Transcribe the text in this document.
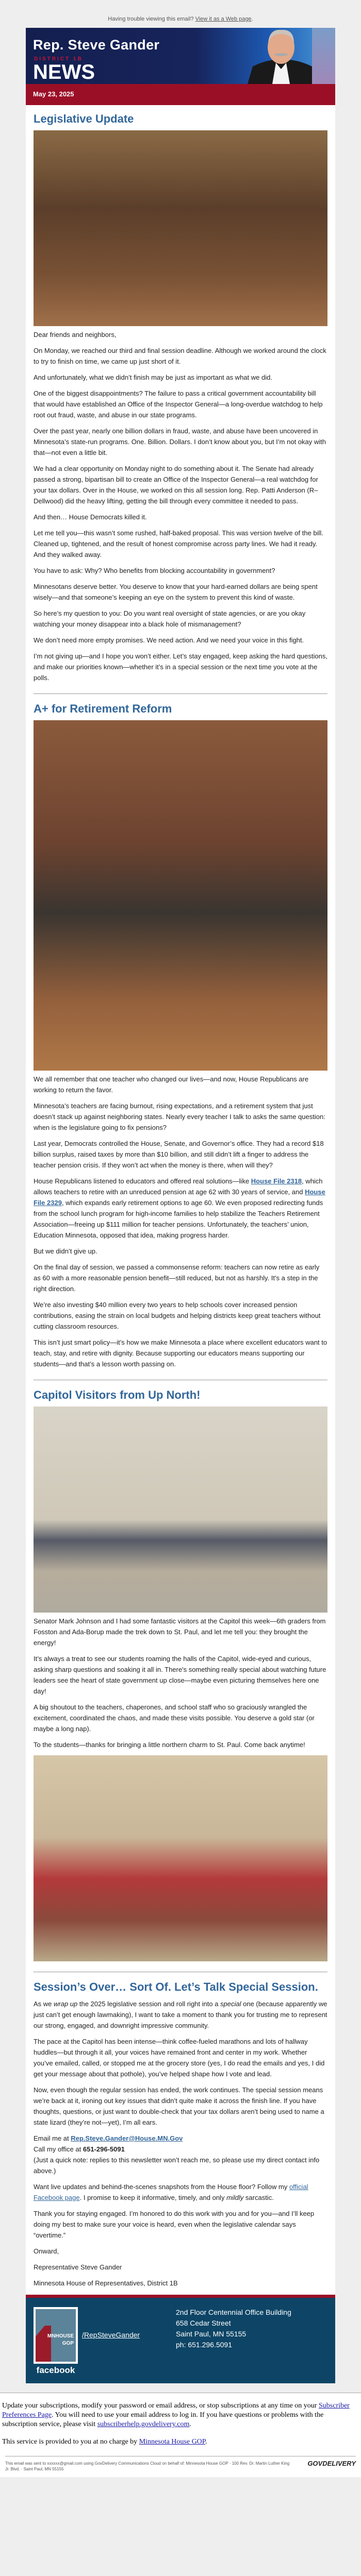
Having trouble viewing this email? View it as a Web page.
Rep. Steve Gander
DISTRICT 1B
NEWS
May 23, 2025
Legislative Update

Dear friends and neighbors,

On Monday, we reached our third and final session deadline. Although we worked around the clock to try to finish on time, we came up just short of it.

And unfortunately, what we didn’t finish may be just as important as what we did.

One of the biggest disappointments? The failure to pass a critical government accountability bill that would have established an Office of the Inspector General—a long-overdue watchdog to help root out fraud, waste, and abuse in our state programs.

Over the past year, nearly one billion dollars in fraud, waste, and abuse have been uncovered in Minnesota’s state-run programs. One. Billion. Dollars. I don’t know about you, but I’m not okay with that—not even a little bit.

We had a clear opportunity on Monday night to do something about it. The Senate had already passed a strong, bipartisan bill to create an Office of the Inspector General—a real watchdog for your tax dollars. Over in the House, we worked on this all session long. Rep. Patti Anderson (R–Dellwood) did the heavy lifting, getting the bill through every committee it needed to pass.

And then… House Democrats killed it.

Let me tell you—this wasn’t some rushed, half-baked proposal. This was version twelve of the bill. Cleaned up, tightened, and the result of honest compromise across party lines. We had it ready. And they walked away.

You have to ask: Why? Who benefits from blocking accountability in government?

Minnesotans deserve better. You deserve to know that your hard-earned dollars are being spent wisely—and that someone’s keeping an eye on the system to prevent this kind of waste.

So here’s my question to you: Do you want real oversight of state agencies, or are you okay watching your money disappear into a black hole of mismanagement?

We don’t need more empty promises. We need action. And we need your voice in this fight.

I’m not giving up—and I hope you won’t either. Let’s stay engaged, keep asking the hard questions, and make our priorities known—whether it’s in a special session or the next time you vote at the polls.

A+ for Retirement Reform

We all remember that one teacher who changed our lives—and now, House Republicans are working to return the favor.

Minnesota’s teachers are facing burnout, rising expectations, and a retirement system that just doesn’t stack up against neighboring states. Nearly every teacher I talk to asks the same question: when is the legislature going to fix pensions?

Last year, Democrats controlled the House, Senate, and Governor’s office. They had a record $18 billion surplus, raised taxes by more than $10 billion, and still didn’t lift a finger to address the teacher pension crisis. If they won’t act when the money is there, when will they?

House Republicans listened to educators and offered real solutions—like House File 2318, which allows teachers to retire with an unreduced pension at age 62 with 30 years of service, and House File 2329, which expands early retirement options to age 60. We even proposed redirecting funds from the school lunch program for high-income families to help stabilize the Teachers Retirement Association—freeing up $111 million for teacher pensions. Unfortunately, the teachers’ union, Education Minnesota, opposed that idea, making progress harder.

But we didn’t give up.

On the final day of session, we passed a commonsense reform: teachers can now retire as early as 60 with a more reasonable pension benefit—still reduced, but not as harshly. It's a step in the right direction.

We’re also investing $40 million every two years to help schools cover increased pension contributions, easing the strain on local budgets and helping districts keep great teachers without cutting classroom resources.

This isn’t just smart policy—it’s how we make Minnesota a place where excellent educators want to teach, stay, and retire with dignity. Because supporting our educators means supporting our students—and that’s a lesson worth passing on.

Capitol Visitors from Up North!

Senator Mark Johnson and I had some fantastic visitors at the Capitol this week—6th graders from Fosston and Ada-Borup made the trek down to St. Paul, and let me tell you: they brought the energy!

It’s always a treat to see our students roaming the halls of the Capitol, wide-eyed and curious, asking sharp questions and soaking it all in. There's something really special about watching future leaders see the heart of state government up close—maybe even picturing themselves here one day!

A big shoutout to the teachers, chaperones, and school staff who so graciously wrangled the excitement, coordinated the chaos, and made these visits possible. You deserve a gold star (or maybe a long nap).

To the students—thanks for bringing a little northern charm to St. Paul. Come back anytime!

Session’s Over… Sort Of. Let’s Talk Special Session.

As we wrap up the 2025 legislative session and roll right into a special one (because apparently we just can’t get enough lawmaking), I want to take a moment to thank you for trusting me to represent our strong, engaged, and downright impressive community.

The pace at the Capitol has been intense—think coffee-fueled marathons and lots of hallway huddles—but through it all, your voices have remained front and center in my work. Whether you’ve emailed, called, or stopped me at the grocery store (yes, I do read the emails and yes, I did get your message about that pothole), you’ve helped shape how I vote and lead.

Now, even though the regular session has ended, the work continues. The special session means we’re back at it, ironing out key issues that didn’t quite make it across the finish line. If you have thoughts, questions, or just want to double-check that your tax dollars aren’t being used to name a state lizard (they’re not—yet), I’m all ears.

Email me at Rep.Steve.Gander@House.MN.Gov
Call my office at 651-296-5091
(Just a quick note: replies to this newsletter won’t reach me, so please use my direct contact info above.)

Want live updates and behind-the-scenes snapshots from the House floor? Follow my official Facebook page. I promise to keep it informative, timely, and only mildly sarcastic.

Thank you for staying engaged. I’m honored to do this work with you and for you—and I’ll keep doing my best to make sure your voice is heard, even when the legislative calendar says “overtime.”

Onward,

Representative Steve Gander

Minnesota House of Representatives, District 1B

MNHOUSE GOP
facebook
/RepSteveGander
2nd Floor Centennial Office Building
658 Cedar Street
Saint Paul, MN 55155
ph: 651.296.5091

Update your subscriptions, modify your password or email address, or stop subscriptions at any time on your Subscriber Preferences Page. You will need to use your email address to log in. If you have questions or problems with the subscription service, please visit subscriberhelp.govdelivery.com.

This service is provided to you at no charge by Minnesota House GOP.

This email was sent to xxxxxx@gmail.com using GovDelivery Communications Cloud on behalf of: Minnesota House GOP · 100 Rev. Dr. Martin Luther King Jr. Blvd. · Saint Paul, MN 55155
GOVDELIVERY
